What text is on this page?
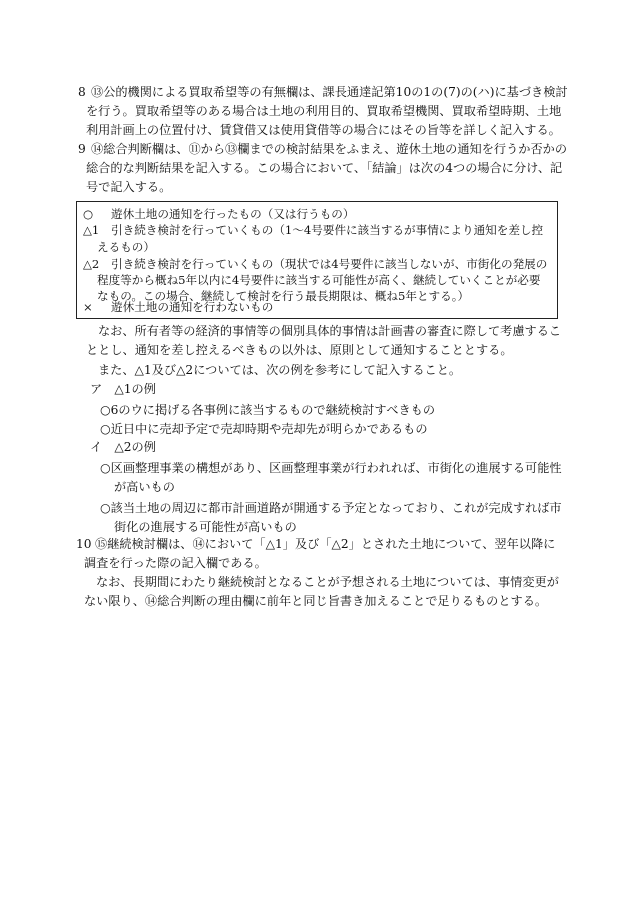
8 ⑬公的機関による買取希望等の有無欄は、課長通達記第10の1の(7)の(ハ)に基づき検討
を行う。買取希望等のある場合は土地の利用目的、買取希望機関、買取希望時期、土地
利用計画上の位置付け、賃貸借又は使用貸借等の場合にはその旨等を詳しく記入する。
9 ⑭総合判断欄は、⑪から⑬欄までの検討結果をふまえ、遊休土地の通知を行うか否かの
総合的な判断結果を記入する。この場合において、「結論」は次の4つの場合に分け、記
号で記入する。
○ 遊休土地の通知を行ったもの（又は行うもの）
△1 引き続き検討を行っていくもの（1～4号要件に該当するが事情により通知を差し控
えるもの）
△2 引き続き検討を行っていくもの（現状では4号要件に該当しないが、市街化の発展の
程度等から概ね5年以内に4号要件に該当する可能性が高く、継続していくことが必要
なもの。この場合、継続して検討を行う最長期限は、概ね5年とする。）
× 遊休土地の通知を行わないもの
なお、所有者等の経済的事情等の個別具体的事情は計画書の審査に際して考慮するこ
ととし、通知を差し控えるべきもの以外は、原則として通知することとする。
また、△1及び△2については、次の例を参考にして記入すること。
ア　△1の例
○6のウに掲げる各事例に該当するもので継続検討すべきもの
○近日中に売却予定で売却時期や売却先が明らかであるもの
イ　△2の例
○区画整理事業の構想があり、区画整理事業が行われれば、市街化の進展する可能性
が高いもの
○該当土地の周辺に都市計画道路が開通する予定となっており、これが完成すれば市
街化の進展する可能性が高いもの
10 ⑮継続検討欄は、⑭において「△1」及び「△2」とされた土地について、翌年以降に
調査を行った際の記入欄である。
なお、長期間にわたり継続検討となることが予想される土地については、事情変更が
ない限り、⑭総合判断の理由欄に前年と同じ旨書き加えることで足りるものとする。
